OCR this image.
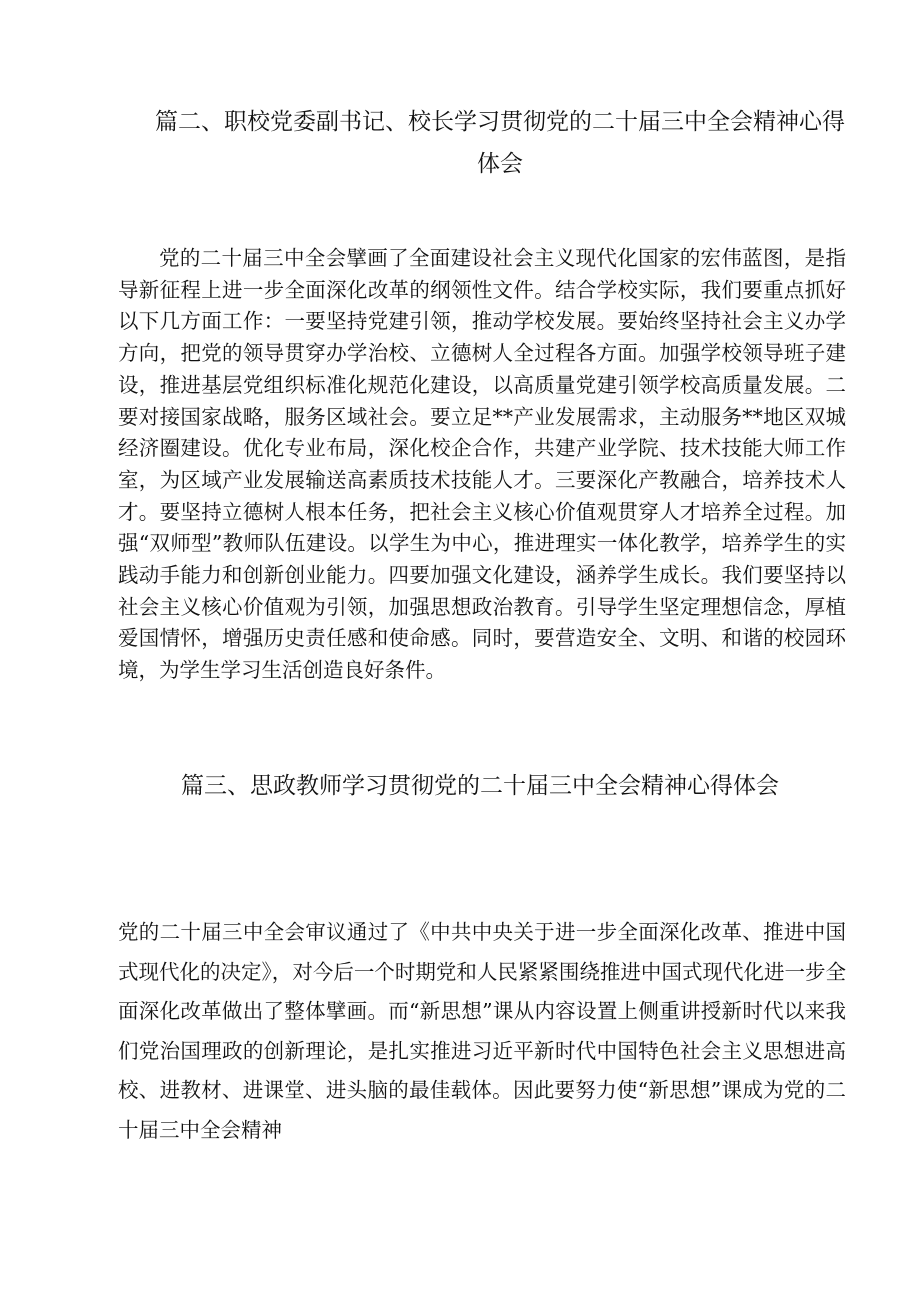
篇二、职校党委副书记、校长学习贯彻党的二十届三中全会精神心得体会

党的二十届三中全会擘画了全面建设社会主义现代化国家的宏伟蓝图，是指导新征程上进一步全面深化改革的纲领性文件。结合学校实际，我们要重点抓好以下几方面工作：一要坚持党建引领，推动学校发展。要始终坚持社会主义办学方向，把党的领导贯穿办学治校、立德树人全过程各方面。加强学校领导班子建设，推进基层党组织标准化规范化建设，以高质量党建引领学校高质量发展。二要对接国家战略，服务区域社会。要立足**产业发展需求，主动服务**地区双城经济圈建设。优化专业布局，深化校企合作，共建产业学院、技术技能大师工作室，为区域产业发展输送高素质技术技能人才。三要深化产教融合，培养技术人才。要坚持立德树人根本任务，把社会主义核心价值观贯穿人才培养全过程。加强“双师型”教师队伍建设。以学生为中心，推进理实一体化教学，培养学生的实践动手能力和创新创业能力。四要加强文化建设，涵养学生成长。我们要坚持以社会主义核心价值观为引领，加强思想政治教育。引导学生坚定理想信念，厚植爱国情怀，增强历史责任感和使命感。同时，要营造安全、文明、和谐的校园环境，为学生学习生活创造良好条件。

篇三、思政教师学习贯彻党的二十届三中全会精神心得体会

党的二十届三中全会审议通过了《中共中央关于进一步全面深化改革、推进中国式现代化的决定》，对今后一个时期党和人民紧紧围绕推进中国式现代化进一步全面深化改革做出了整体擘画。而“新思想”课从内容设置上侧重讲授新时代以来我们党治国理政的创新理论，是扎实推进习近平新时代中国特色社会主义思想进高校、进教材、进课堂、进头脑的最佳载体。因此要努力使“新思想”课成为党的二十届三中全会精神
